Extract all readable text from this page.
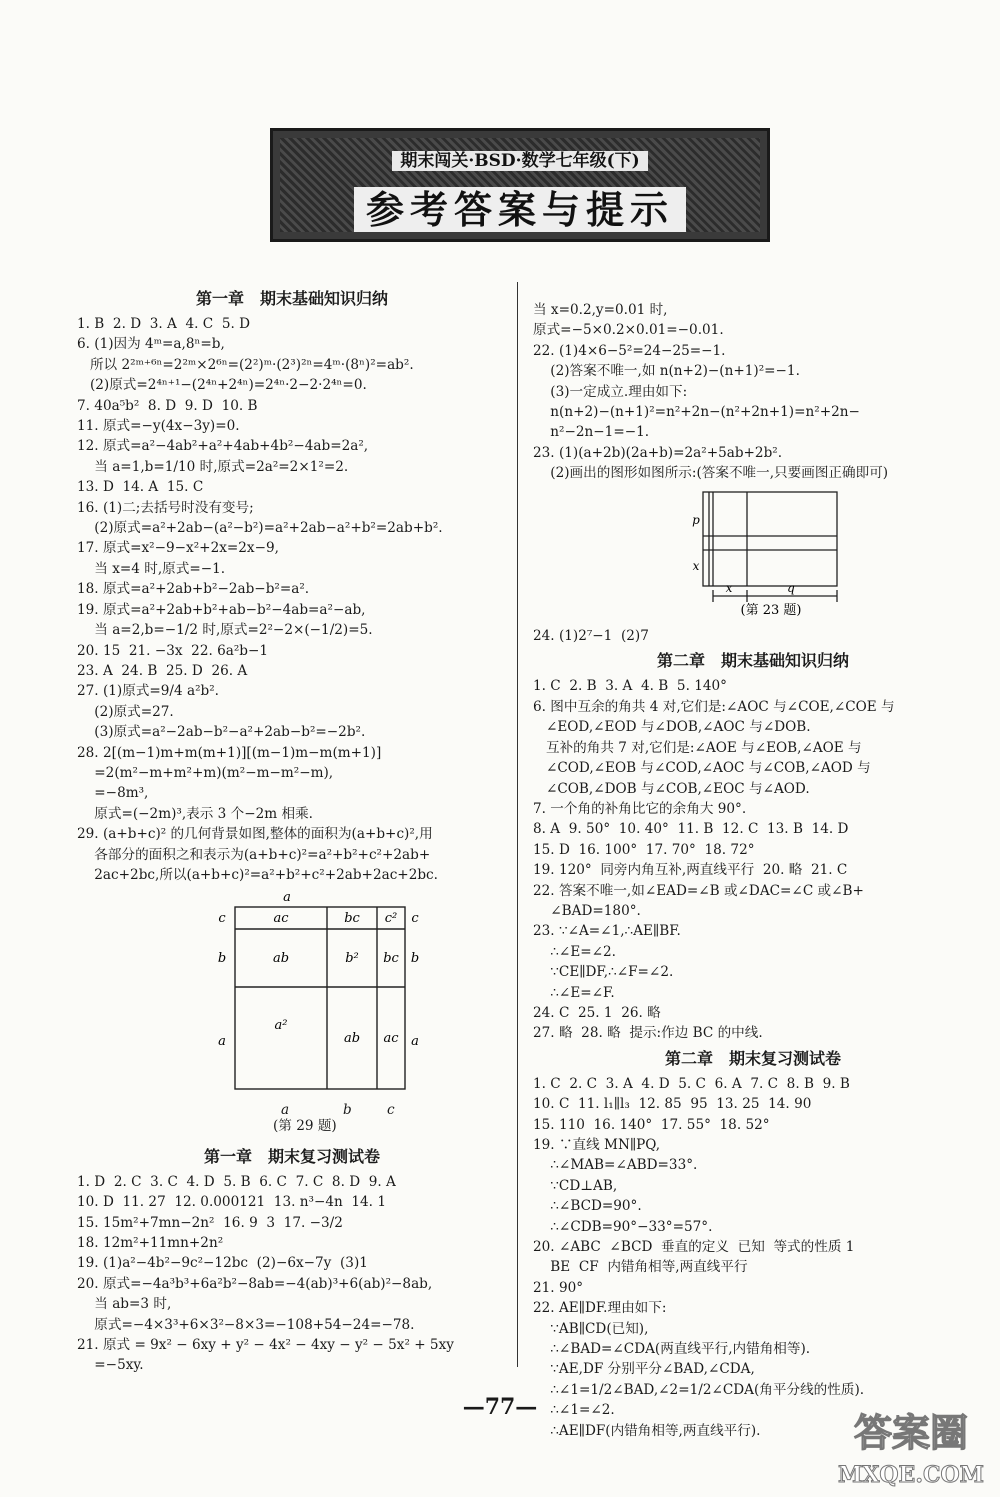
期末闯关·BSD·数学七年级(下)
参考答案与提示
第一章　期末基础知识归纳
1. B  2. D  3. A  4. C  5. D
6. (1)因为 4ᵐ=a,8ⁿ=b,
所以 2²ᵐ⁺⁶ⁿ=2²ᵐ×2⁶ⁿ=(2²)ᵐ·(2³)²ⁿ=4ᵐ·(8ⁿ)²=ab².
(2)原式=2⁴ⁿ⁺¹−(2⁴ⁿ+2⁴ⁿ)=2⁴ⁿ·2−2·2⁴ⁿ=0.
7. 40a⁵b²  8. D  9. D  10. B
11. 原式=−y(4x−3y)=0.
12. 原式=a²−4ab²+a²+4ab+4b²−4ab=2a²,
当 a=1,b=1/10 时,原式=2a²=2×1²=2.
13. D  14. A  15. C
16. (1)二;去括号时没有变号;
(2)原式=a²+2ab−(a²−b²)=a²+2ab−a²+b²=2ab+b².
17. 原式=x²−9−x²+2x=2x−9,
当 x=4 时,原式=−1.
18. 原式=a²+2ab+b²−2ab−b²=a².
19. 原式=a²+2ab+b²+ab−b²−4ab=a²−ab,
当 a=2,b=−1/2 时,原式=2²−2×(−1/2)=5.
20. 15  21. −3x  22. 6a²b−1
23. A  24. B  25. D  26. A
27. (1)原式=9/4 a²b².
(2)原式=27.
(3)原式=a²−2ab−b²−a²+2ab−b²=−2b².
28. 2[(m−1)m+m(m+1)][(m−1)m−m(m+1)]
=2(m²−m+m²+m)(m²−m−m²−m),
=−8m³,
原式=(−2m)³,表示 3 个−2m 相乘.
29. (a+b+c)² 的几何背景如图,整体的面积为(a+b+c)²,用
各部分的面积之和表示为(a+b+c)²=a²+b²+c²+2ab+
2ac+2bc,所以(a+b+c)²=a²+b²+c²+2ab+2ac+2bc.
a
ac	bc c²
ab	b² bc
a²
ab ac
c
b
a
c
b
a
a	b	c
(第 29 题)
第一章　期末复习测试卷
1. D  2. C  3. C  4. D  5. B  6. C  7. C  8. D  9. A
10. D  11. 27  12. 0.000121  13. n³−4n  14. 1
15. 15m²+7mn−2n²  16. 9  3  17. −3/2
18. 12m²+11mn+2n²
19. (1)a²−4b²−9c²−12bc  (2)−6x−7y  (3)1
20. 原式=−4a³b³+6a²b²−8ab=−4(ab)³+6(ab)²−8ab,
当 ab=3 时,
原式=−4×3³+6×3²−8×3=−108+54−24=−78.
21. 原式 = 9x² − 6xy + y² − 4x² − 4xy − y² − 5x² + 5xy
=−5xy.
当 x=0.2,y=0.01 时,
原式=−5×0.2×0.01=−0.01.
22. (1)4×6−5²=24−25=−1.
(2)答案不唯一,如 n(n+2)−(n+1)²=−1.
(3)一定成立.理由如下:
n(n+2)−(n+1)²=n²+2n−(n²+2n+1)=n²+2n−
n²−2n−1=−1.
23. (1)(a+2b)(2a+b)=2a²+5ab+2b².
(2)画出的图形如图所示:(答案不唯一,只要画图正确即可)
p
x
x	q
(第 23 题)
24. (1)2⁷−1  (2)7
第二章　期末基础知识归纳
1. C  2. B  3. A  4. B  5. 140°
6. 图中互余的角共 4 对,它们是:∠AOC 与∠COE,∠COE 与
∠EOD,∠EOD 与∠DOB,∠AOC 与∠DOB.
互补的角共 7 对,它们是:∠AOE 与∠EOB,∠AOE 与
∠COD,∠EOB 与∠COD,∠AOC 与∠COB,∠AOD 与
∠COB,∠DOB 与∠COB,∠EOC 与∠AOD.
7. 一个角的补角比它的余角大 90°.
8. A  9. 50°  10. 40°  11. B  12. C  13. B  14. D
15. D  16. 100°  17. 70°  18. 72°
19. 120°  同旁内角互补,两直线平行  20. 略  21. C
22. 答案不唯一,如∠EAD=∠B 或∠DAC=∠C 或∠B+
∠BAD=180°.
23. ∵∠A=∠1,∴AE∥BF.
∴∠E=∠2.
∵CE∥DF,∴∠F=∠2.
∴∠E=∠F.
24. C  25. 1  26. 略
27. 略  28. 略  提示:作边 BC 的中线.
第二章　期末复习测试卷
1. C  2. C  3. A  4. D  5. C  6. A  7. C  8. B  9. B
10. C  11. l₁∥l₃  12. 85  95  13. 25  14. 90
15. 110  16. 140°  17. 55°  18. 52°
19. ∵直线 MN∥PQ,
∴∠MAB=∠ABD=33°.
∵CD⊥AB,
∴∠BCD=90°.
∴∠CDB=90°−33°=57°.
20. ∠ABC  ∠BCD  垂直的定义  已知  等式的性质 1
BE  CF  内错角相等,两直线平行
21. 90°
22. AE∥DF.理由如下:
∵AB∥CD(已知),
∴∠BAD=∠CDA(两直线平行,内错角相等).
∵AE,DF 分别平分∠BAD,∠CDA,
∴∠1=1/2∠BAD,∠2=1/2∠CDA(角平分线的性质).
∴∠1=∠2.
∴AE∥DF(内错角相等,两直线平行).
—77—
答案圈
MXQE.COM
